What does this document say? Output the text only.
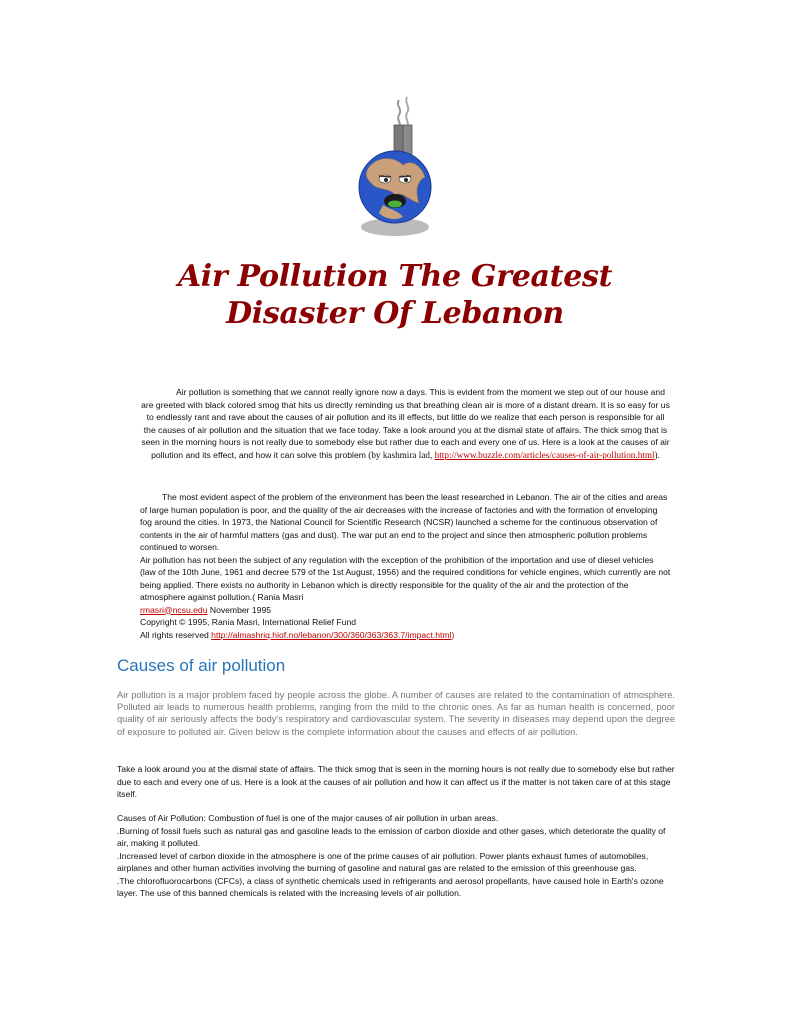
Air Pollution The Greatest
Disaster Of Lebanon

Air pollution is something that we cannot really ignore now a days. This is evident from the moment we step out of our house and are greeted with black colored smog that hits us directly reminding us that breathing clean air is more of a distant dream. It is so easy for us to endlessly rant and rave about the causes of air pollution and its ill effects, but little do we realize that each person is responsible for all the causes of air pollution and the situation that we face today. Take a look around you at the dismal state of affairs. The thick smog that is seen in the morning hours is not really due to somebody else but rather due to each and every one of us. Here is a look at the causes of air pollution and its effect, and how it can solve this problem (by kashmira lad, http://www.buzzle.com/articles/causes-of-air-pollution.html).

The most evident aspect of the problem of the environment has been the least researched in Lebanon. The air of the cities and areas of large human population is poor, and the quality of the air decreases with the increase of factories and with the formation of enveloping fog around the cities. In 1973, the National Council for Scientific Research (NCSR) launched a scheme for the continuous observation of contents in the air of harmful matters (gas and dust). The war put an end to the project and since then atmospheric pollution problems continued to worsen.

Air pollution has not been the subject of any regulation with the exception of the prohibition of the importation and use of diesel vehicles (law of the 10th June, 1961 and decree 579 of the 1st August, 1956) and the required conditions for vehicle engines, which currently are not being applied. There exists no authority in Lebanon which is directly responsible for the quality of the air and the protection of the atmosphere against pollution.( Rania Masri

rmasri@ncsu.edu November 1995

Copyright © 1995, Rania Masri, International Relief Fund

All rights reserved http://almashriq.hiof.no/lebanon/300/360/363/363.7/impact.html)

Causes of air pollution

Air pollution is a major problem faced by people across the globe. A number of causes are related to the contamination of atmosphere. Polluted air leads to numerous health problems, ranging from the mild to the chronic ones. As far as human health is concerned, poor quality of air seriously affects the body's respiratory and cardiovascular system. The severity in diseases may depend upon the degree of exposure to polluted air. Given below is the complete information about the causes and effects of air pollution.

Take a look around you at the dismal state of affairs. The thick smog that is seen in the morning hours is not really due to somebody else but rather due to each and every one of us. Here is a look at the causes of air pollution and how it can affect us if the matter is not taken care of at this stage itself.

Causes of Air Pollution: Combustion of fuel is one of the major causes of air pollution in urban areas.

.Burning of fossil fuels such as natural gas and gasoline leads to the emission of carbon dioxide and other gases, which deteriorate the quality of air, making it polluted.

.Increased level of carbon dioxide in the atmosphere is one of the prime causes of air pollution. Power plants exhaust fumes of automobiles, airplanes and other human activities involving the burning of gasoline and natural gas are related to the emission of this greenhouse gas.

.The chlorofluorocarbons (CFCs), a class of synthetic chemicals used in refrigerants and aerosol propellants, have caused hole in Earth's ozone layer. The use of this banned chemicals is related with the increasing levels of air pollution.
